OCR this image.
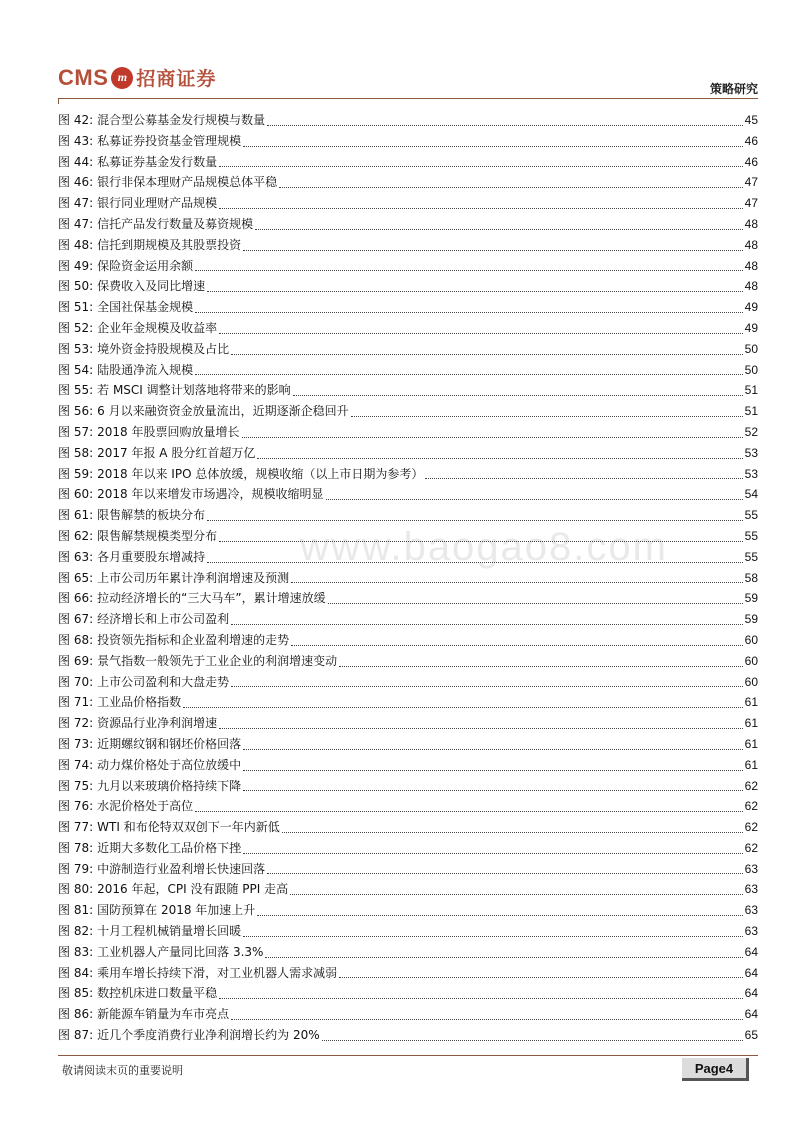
CMS m 招商证券	策略研究
www.baogao8.com
图 42: 混合型公募基金发行规模与数量	45
图 43: 私募证券投资基金管理规模	46
图 44: 私募证券基金发行数量	46
图 46: 银行非保本理财产品规模总体平稳	47
图 47: 银行同业理财产品规模	47
图 47: 信托产品发行数量及募资规模	48
图 48: 信托到期规模及其股票投资	48
图 49: 保险资金运用余额	48
图 50: 保费收入及同比增速	48
图 51: 全国社保基金规模	49
图 52: 企业年金规模及收益率	49
图 53: 境外资金持股规模及占比	50
图 54: 陆股通净流入规模	50
图 55: 若 MSCI 调整计划落地将带来的影响	51
图 56: 6 月以来融资资金放量流出，近期逐渐企稳回升	51
图 57: 2018 年股票回购放量增长	52
图 58: 2017 年报 A 股分红首超万亿	53
图 59: 2018 年以来 IPO 总体放缓，规模收缩（以上市日期为参考）	53
图 60: 2018 年以来增发市场遇冷，规模收缩明显	54
图 61: 限售解禁的板块分布	55
图 62: 限售解禁规模类型分布	55
图 63: 各月重要股东增减持	55
图 65: 上市公司历年累计净利润增速及预测	58
图 66: 拉动经济增长的“三大马车”，累计增速放缓	59
图 67: 经济增长和上市公司盈利	59
图 68: 投资领先指标和企业盈利增速的走势	60
图 69: 景气指数一般领先于工业企业的利润增速变动	60
图 70: 上市公司盈利和大盘走势	60
图 71: 工业品价格指数	61
图 72: 资源品行业净利润增速	61
图 73: 近期螺纹钢和钢坯价格回落	61
图 74: 动力煤价格处于高位放缓中	61
图 75: 九月以来玻璃价格持续下降	62
图 76: 水泥价格处于高位	62
图 77: WTI 和布伦特双双创下一年内新低	62
图 78: 近期大多数化工品价格下挫	62
图 79: 中游制造行业盈利增长快速回落	63
图 80: 2016 年起，CPI 没有跟随 PPI 走高	63
图 81: 国防预算在 2018 年加速上升	63
图 82: 十月工程机械销量增长回暖	63
图 83: 工业机器人产量同比回落 3.3%	64
图 84: 乘用车增长持续下滑，对工业机器人需求减弱	64
图 85: 数控机床进口数量平稳	64
图 86: 新能源车销量为车市亮点	64
图 87: 近几个季度消费行业净利润增长约为 20%	65
敬请阅读末页的重要说明	Page4
